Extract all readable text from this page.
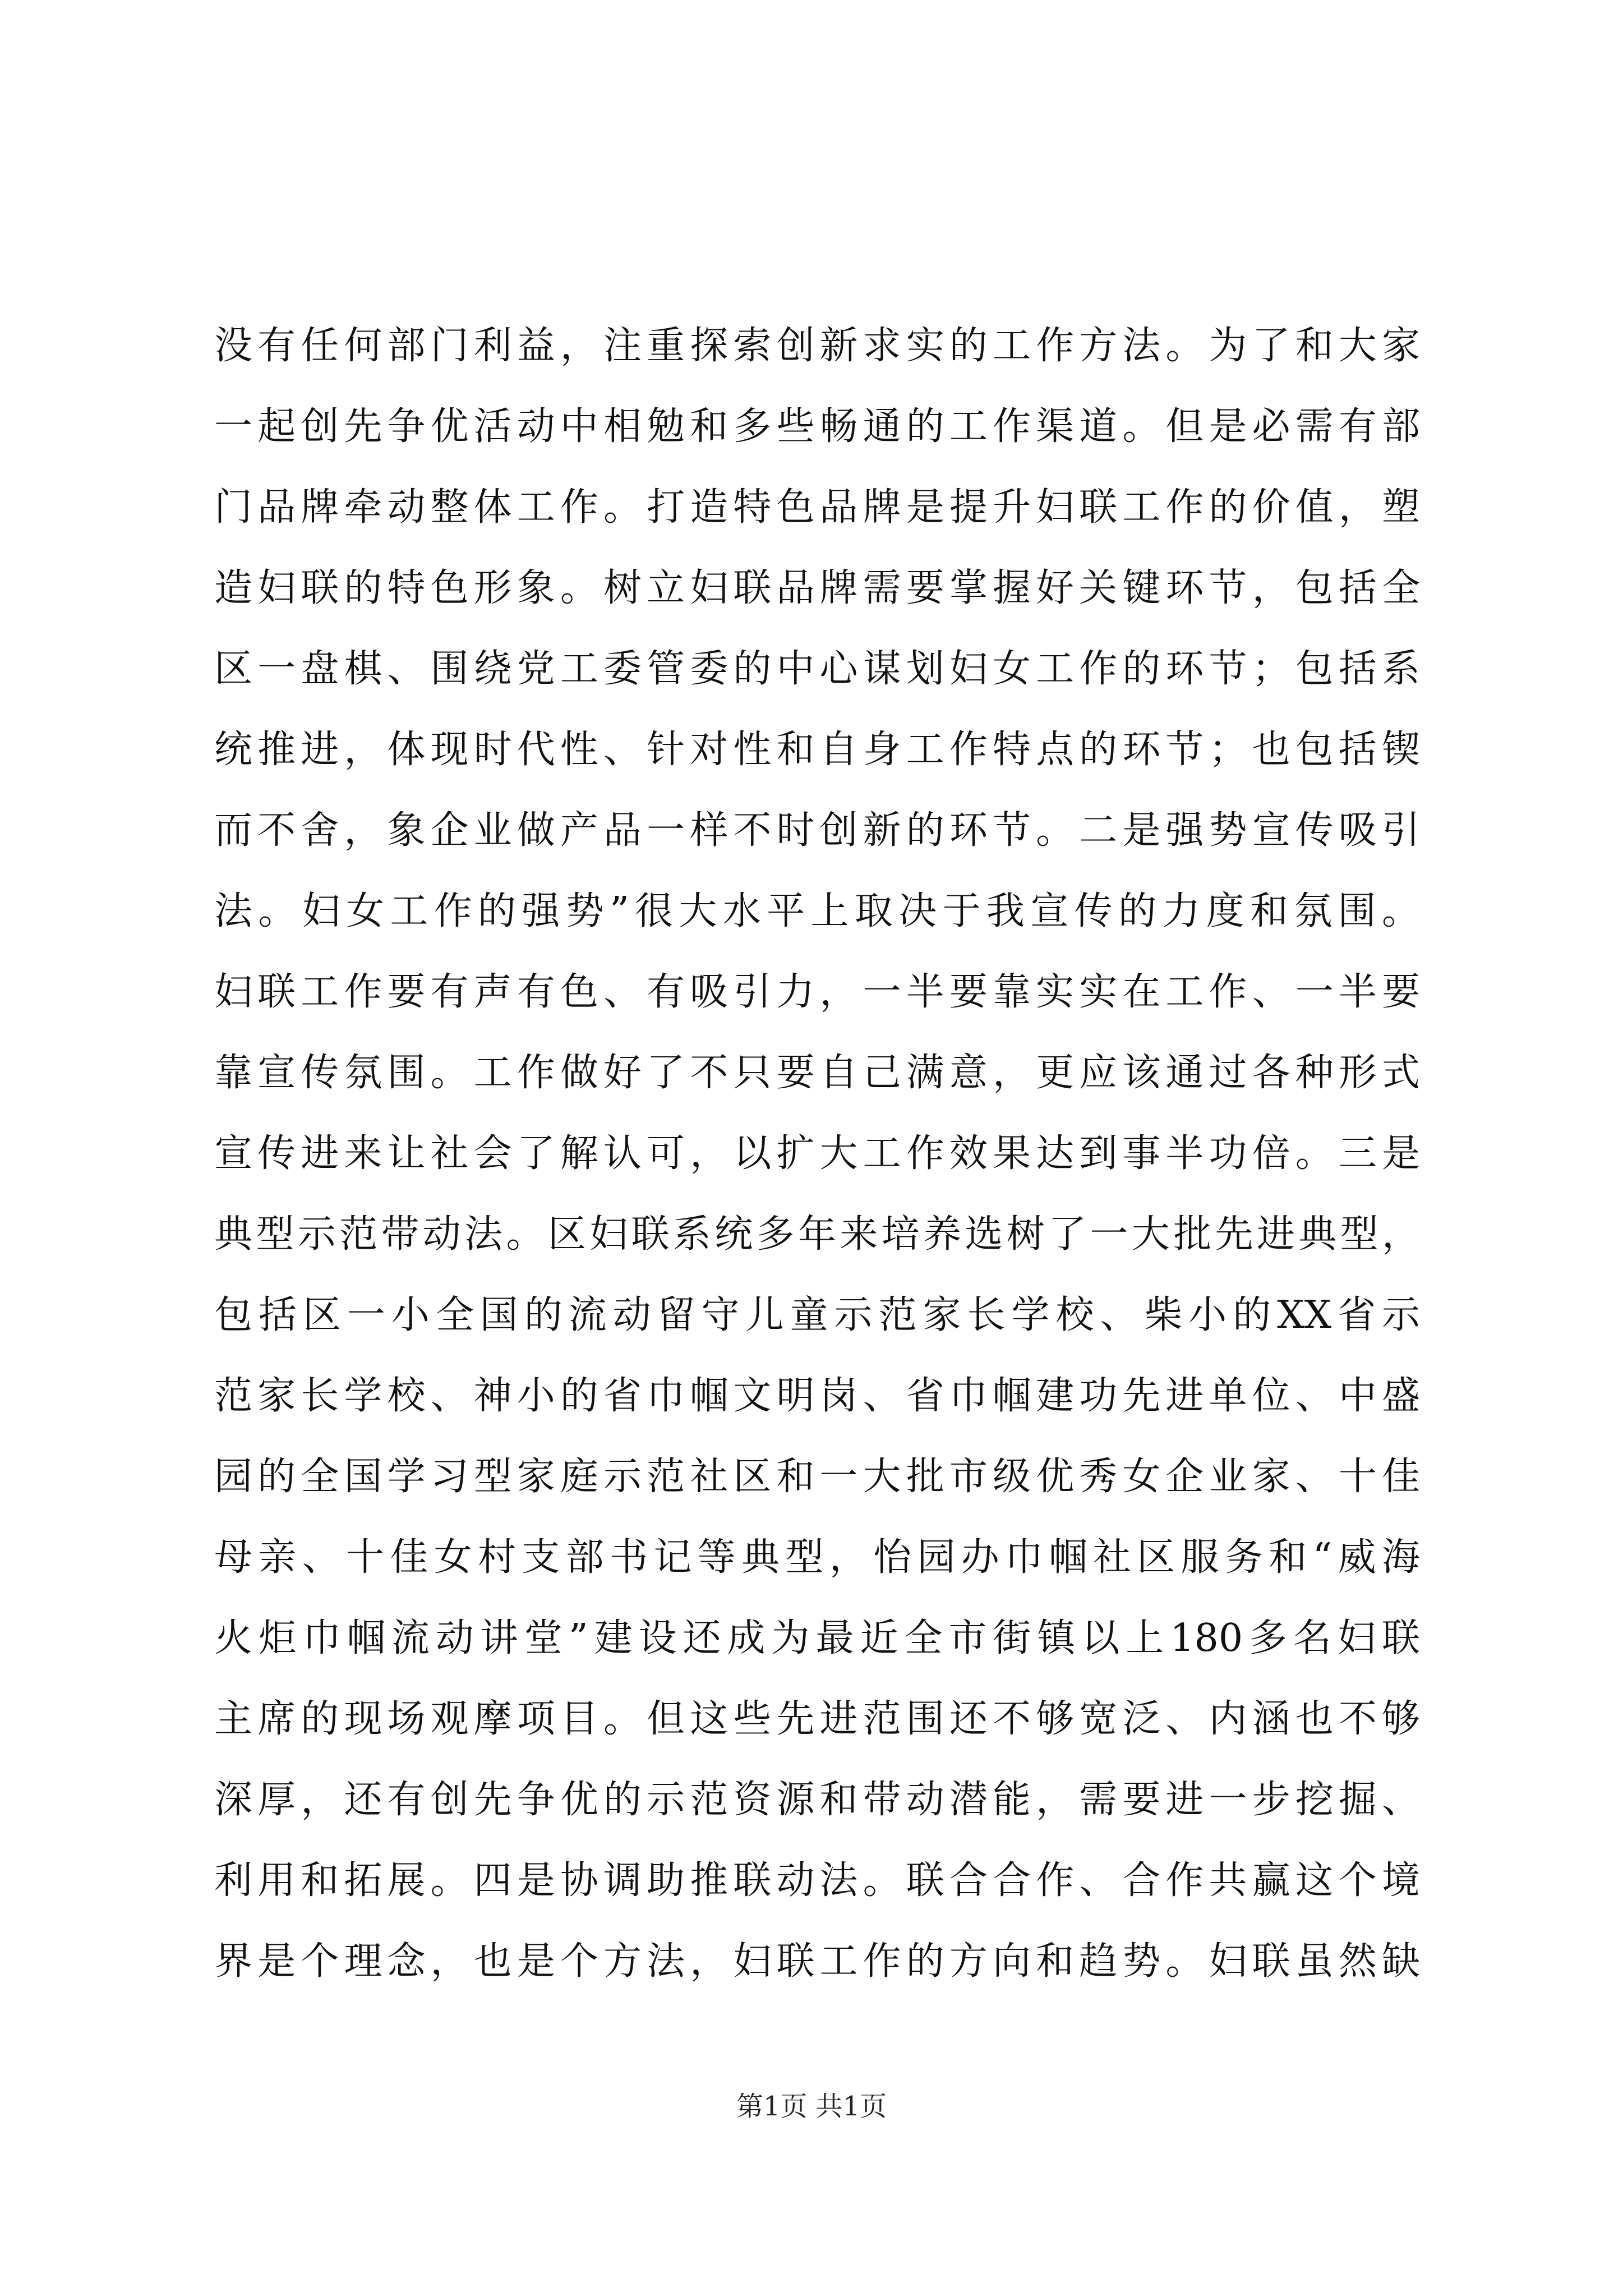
没有任何部门利益，注重探索创新求实的工作方法。为了和大家
一起创先争优活动中相勉和多些畅通的工作渠道。但是必需有部
门品牌牵动整体工作。打造特色品牌是提升妇联工作的价值，塑
造妇联的特色形象。树立妇联品牌需要掌握好关键环节，包括全
区一盘棋、围绕党工委管委的中心谋划妇女工作的环节；包括系
统推进，体现时代性、针对性和自身工作特点的环节；也包括锲
而不舍，象企业做产品一样不时创新的环节。二是强势宣传吸引
法。妇女工作的强势”很大水平上取决于我宣传的力度和氛围。
妇联工作要有声有色、有吸引力，一半要靠实实在工作、一半要
靠宣传氛围。工作做好了不只要自己满意，更应该通过各种形式
宣传进来让社会了解认可，以扩大工作效果达到事半功倍。三是
典型示范带动法。区妇联系统多年来培养选树了一大批先进典型，
包括区一小全国的流动留守儿童示范家长学校、柴小的XX省示
范家长学校、神小的省巾帼文明岗、省巾帼建功先进单位、中盛
园的全国学习型家庭示范社区和一大批市级优秀女企业家、十佳
母亲、十佳女村支部书记等典型，怡园办巾帼社区服务和“威海
火炬巾帼流动讲堂”建设还成为最近全市街镇以上180多名妇联
主席的现场观摩项目。但这些先进范围还不够宽泛、内涵也不够
深厚，还有创先争优的示范资源和带动潜能，需要进一步挖掘、
利用和拓展。四是协调助推联动法。联合合作、合作共赢这个境
界是个理念，也是个方法，妇联工作的方向和趋势。妇联虽然缺
第1页 共1页
